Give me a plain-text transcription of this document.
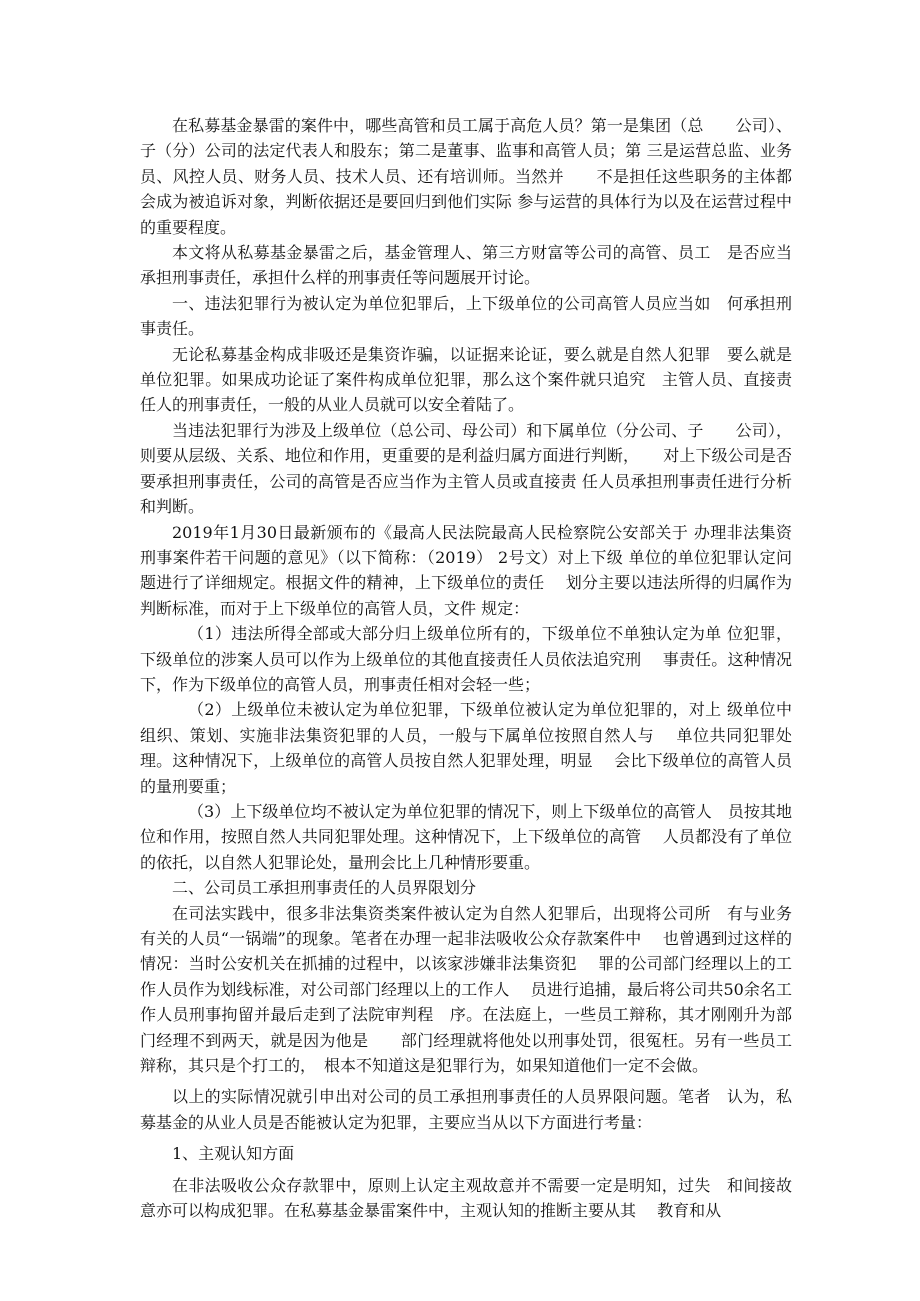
在私募基金暴雷的案件中，哪些高管和员工属于高危人员？第一是集团（总　　公司）、子（分）公司的法定代表人和股东；第二是董事、监事和高管人员；第 三是运营总监、业务员、风控人员、财务人员、技术人员、还有培训师。当然并　　不是担任这些职务的主体都会成为被追诉对象，判断依据还是要回归到他们实际 参与运营的具体行为以及在运营过程中的重要程度。

本文将从私募基金暴雷之后，基金管理人、第三方财富等公司的高管、员工　是否应当承担刑事责任，承担什么样的刑事责任等问题展开讨论。

一、违法犯罪行为被认定为单位犯罪后，上下级单位的公司高管人员应当如　何承担刑事责任。

无论私募基金构成非吸还是集资诈骗，以证据来论证，要么就是自然人犯罪　要么就是单位犯罪。如果成功论证了案件构成单位犯罪，那么这个案件就只追究　主管人员、直接责任人的刑事责任，一般的从业人员就可以安全着陆了。

当违法犯罪行为涉及上级单位（总公司、母公司）和下属单位（分公司、子　　公司），则要从层级、关系、地位和作用，更重要的是利益归属方面进行判断，　　对上下级公司是否要承担刑事责任，公司的高管是否应当作为主管人员或直接责 任人员承担刑事责任进行分析和判断。

2019年1月30日最新颁布的《最高人民法院最高人民检察院公安部关于 办理非法集资刑事案件若干问题的意见》（以下简称：（2019） 2号文）对上下级 单位的单位犯罪认定问题进行了详细规定。根据文件的精神，上下级单位的责任　 划分主要以违法所得的归属作为判断标准，而对于上下级单位的高管人员，文件 规定：

（1）违法所得全部或大部分归上级单位所有的，下级单位不单独认定为单 位犯罪，下级单位的涉案人员可以作为上级单位的其他直接责任人员依法追究刑　 事责任。这种情况下，作为下级单位的高管人员，刑事责任相对会轻一些；

（2）上级单位未被认定为单位犯罪，下级单位被认定为单位犯罪的，对上 级单位中组织、策划、实施非法集资犯罪的人员，一般与下属单位按照自然人与　 单位共同犯罪处理。这种情况下，上级单位的高管人员按自然人犯罪处理，明显　 会比下级单位的高管人员的量刑要重；

（3）上下级单位均不被认定为单位犯罪的情况下，则上下级单位的高管人　员按其地位和作用，按照自然人共同犯罪处理。这种情况下，上下级单位的高管　 人员都没有了单位的依托，以自然人犯罪论处，量刑会比上几种情形要重。

二、公司员工承担刑事责任的人员界限划分

在司法实践中，很多非法集资类案件被认定为自然人犯罪后，出现将公司所　有与业务有关的人员“一锅端”的现象。笔者在办理一起非法吸收公众存款案件中　 也曾遇到过这样的情况：当时公安机关在抓捕的过程中，以该家涉嫌非法集资犯　 罪的公司部门经理以上的工作人员作为划线标准，对公司部门经理以上的工作人　 员进行追捕，最后将公司共50余名工作人员刑事拘留并最后走到了法院审判程　序。在法庭上，一些员工辩称，其才刚刚升为部门经理不到两天，就是因为他是　　部门经理就将他处以刑事处罚，很冤枉。另有一些员工辩称，其只是个打工的，　根本不知道这是犯罪行为，如果知道他们一定不会做。

以上的实际情况就引申出对公司的员工承担刑事责任的人员界限问题。笔者　认为，私募基金的从业人员是否能被认定为犯罪，主要应当从以下方面进行考量：

1、主观认知方面

在非法吸收公众存款罪中，原则上认定主观故意并不需要一定是明知，过失　和间接故意亦可以构成犯罪。在私募基金暴雷案件中，主观认知的推断主要从其　 教育和从
